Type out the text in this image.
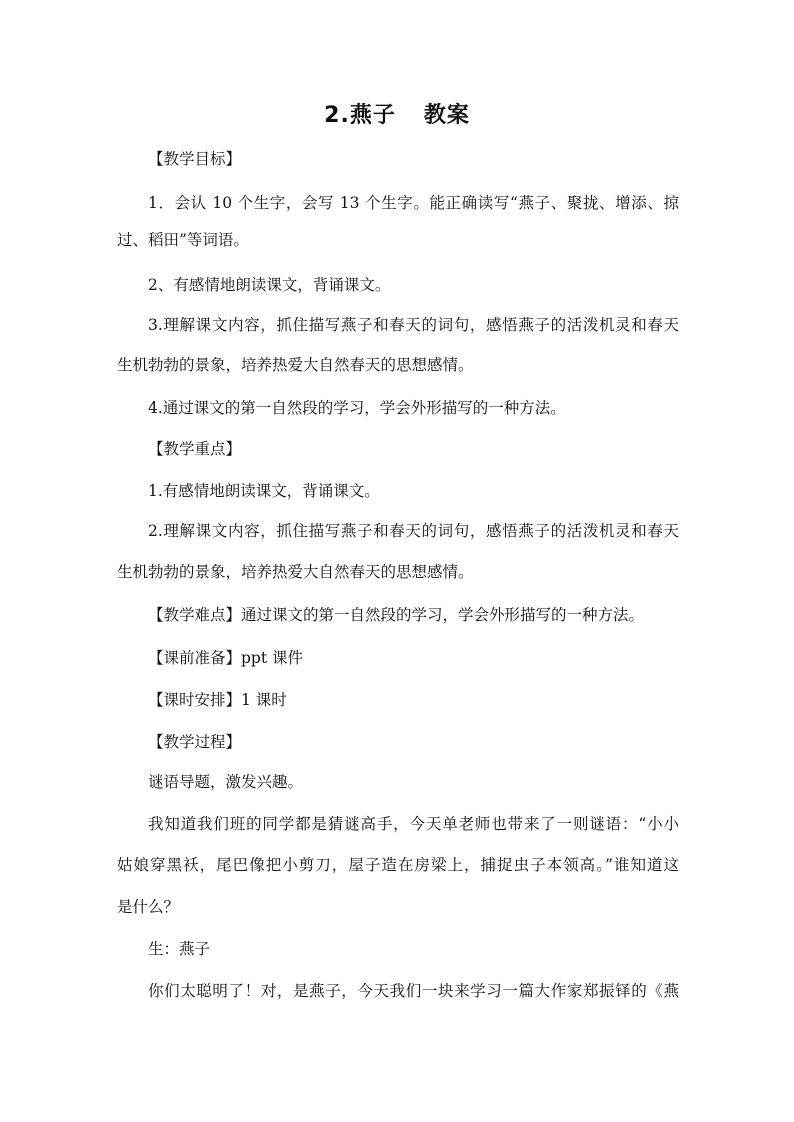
2.燕子 教案
【教学目标】
1．会认 10 个生字，会写 13 个生字。能正确读写“燕子、聚拢、增添、掠
过、稻田”等词语。
2、有感情地朗读课文，背诵课文。
3.理解课文内容，抓住描写燕子和春天的词句，感悟燕子的活泼机灵和春天
生机勃勃的景象，培养热爱大自然春天的思想感情。
4.通过课文的第一自然段的学习，学会外形描写的一种方法。
【教学重点】
1.有感情地朗读课文，背诵课文。
2.理解课文内容，抓住描写燕子和春天的词句，感悟燕子的活泼机灵和春天
生机勃勃的景象，培养热爱大自然春天的思想感情。
【教学难点】通过课文的第一自然段的学习，学会外形描写的一种方法。
【课前准备】ppt 课件
【课时安排】1 课时
【教学过程】
谜语导题，激发兴趣。
我知道我们班的同学都是猜谜高手，今天单老师也带来了一则谜语：“小小
姑娘穿黑袄，尾巴像把小剪刀，屋子造在房梁上，捕捉虫子本领高。”谁知道这
是什么？
生：燕子
你们太聪明了！对，是燕子，今天我们一块来学习一篇大作家郑振铎的《燕
